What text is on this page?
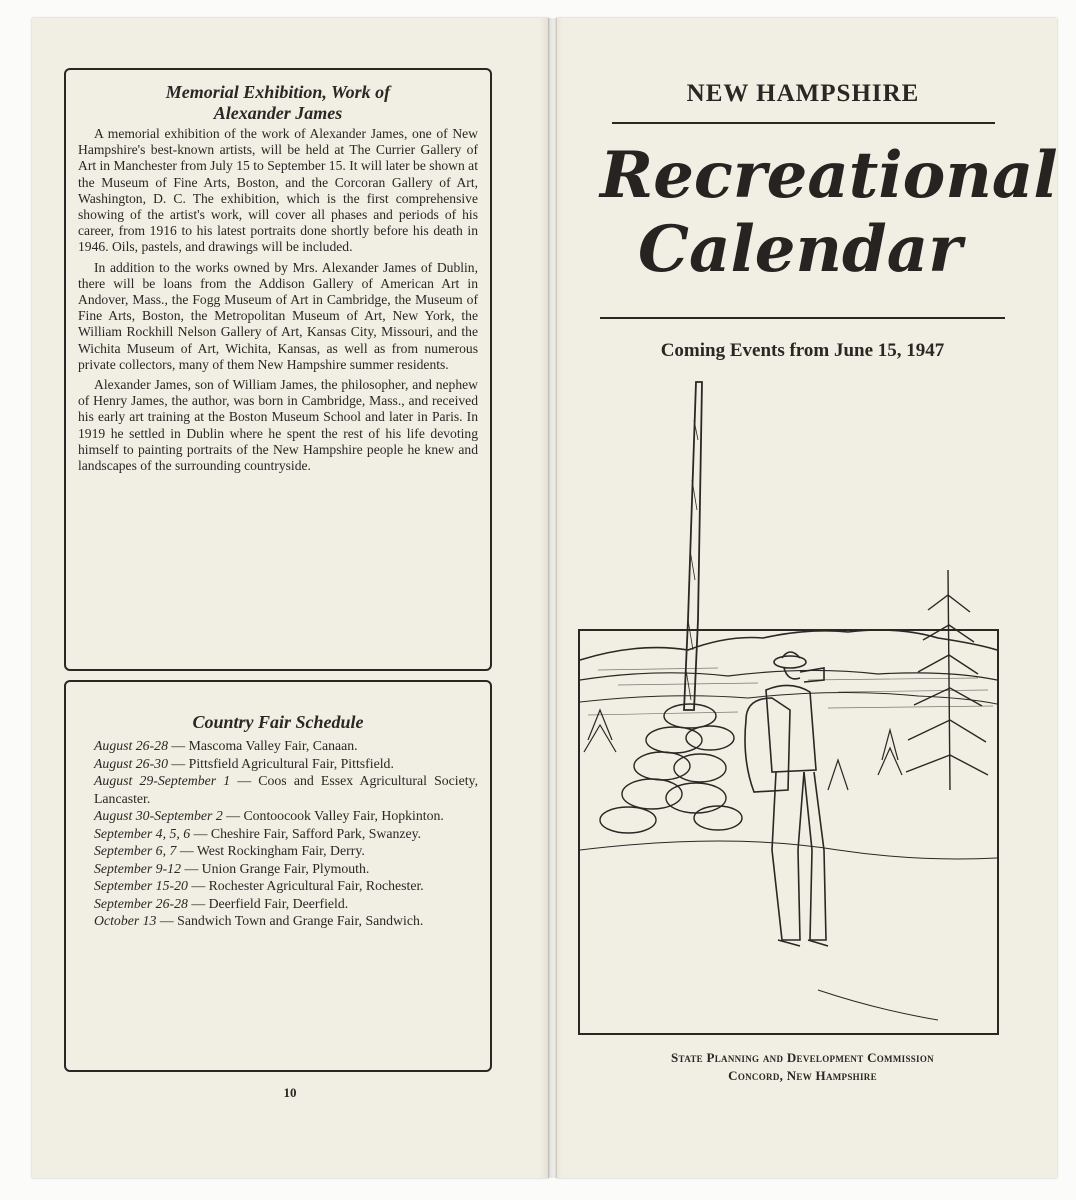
Memorial Exhibition, Work of
Alexander James

A memorial exhibition of the work of Alexander James, one of New Hampshire's best-known artists, will be held at The Currier Gallery of Art in Manchester from July 15 to September 15. It will later be shown at the Museum of Fine Arts, Boston, and the Corcoran Gallery of Art, Washington, D. C. The exhibition, which is the first comprehensive showing of the artist's work, will cover all phases and periods of his career, from 1916 to his latest portraits done shortly before his death in 1946. Oils, pastels, and drawings will be included.

In addition to the works owned by Mrs. Alexander James of Dublin, there will be loans from the Addison Gallery of American Art in Andover, Mass., the Fogg Museum of Art in Cambridge, the Museum of Fine Arts, Boston, the Metropolitan Museum of Art, New York, the William Rockhill Nelson Gallery of Art, Kansas City, Missouri, and the Wichita Museum of Art, Wichita, Kansas, as well as from numerous private collectors, many of them New Hampshire summer residents.

Alexander James, son of William James, the philosopher, and nephew of Henry James, the author, was born in Cambridge, Mass., and received his early art training at the Boston Museum School and later in Paris. In 1919 he settled in Dublin where he spent the rest of his life devoting himself to painting portraits of the New Hampshire people he knew and landscapes of the surrounding countryside.

Country Fair Schedule

August 26-28 — Mascoma Valley Fair, Canaan.

August 26-30 — Pittsfield Agricultural Fair, Pittsfield.

August 29-September 1 — Coos and Essex Agricultural Society, Lancaster.

August 30-September 2 — Contoocook Valley Fair, Hopkinton.

September 4, 5, 6 — Cheshire Fair, Safford Park, Swanzey.

September 6, 7 — West Rockingham Fair, Derry.

September 9-12 — Union Grange Fair, Plymouth.

September 15-20 — Rochester Agricultural Fair, Rochester.

September 26-28 — Deerfield Fair, Deerfield.

October 13 — Sandwich Town and Grange Fair, Sandwich.

10
NEW HAMPSHIRE
Recreational
Calendar
Coming Events from June 15, 1947
State Planning and Development Commission
Concord, New Hampshire
